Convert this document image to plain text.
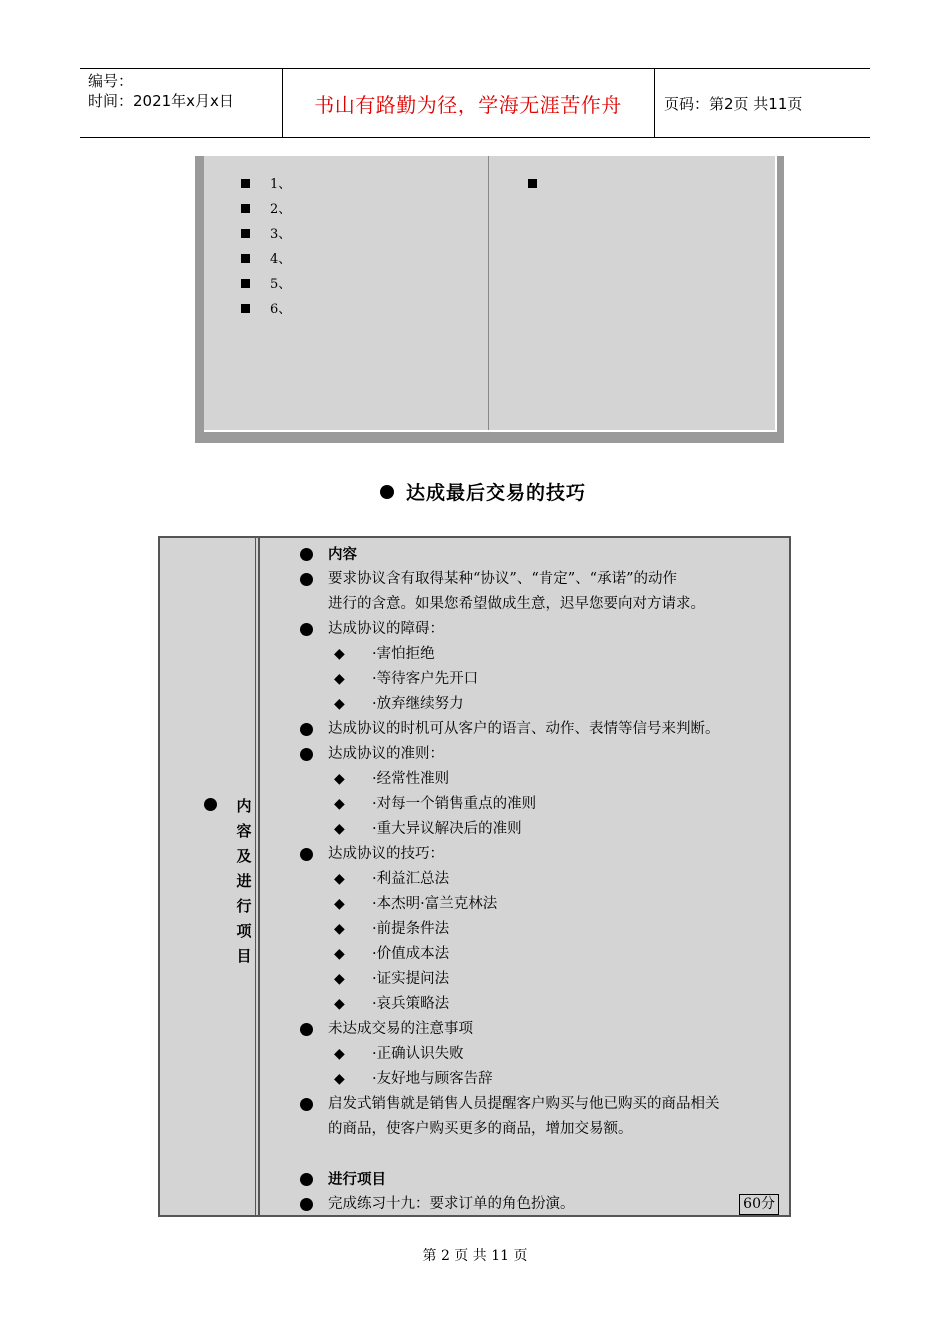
编号：
时间：2021年x月x日	书山有路勤为径，学海无涯苦作舟	页码：第2页 共11页
1、
2、
3、
4、
5、
6、
达成最后交易的技巧
内
容
及
进
行
项
目
内容
要求协议含有取得某种“协议”、“肯定”、“承诺”的动作
进行的含意。如果您希望做成生意，迟早您要向对方请求。
达成协议的障碍：
◆ ·害怕拒绝
◆ ·等待客户先开口
◆ ·放弃继续努力
达成协议的时机可从客户的语言、动作、表情等信号来判断。
达成协议的准则：
◆ ·经常性准则
◆ ·对每一个销售重点的准则
◆ ·重大异议解决后的准则
达成协议的技巧：
◆ ·利益汇总法
◆ ·本杰明·富兰克林法
◆ ·前提条件法
◆ ·价值成本法
◆ ·证实提问法
◆ ·哀兵策略法
未达成交易的注意事项
◆ ·正确认识失败
◆ ·友好地与顾客告辞
启发式销售就是销售人员提醒客户购买与他已购买的商品相关
的商品，使客户购买更多的商品，增加交易额。
进行项目
完成练习十九：要求订单的角色扮演。	60分
第 2 页 共 11 页
